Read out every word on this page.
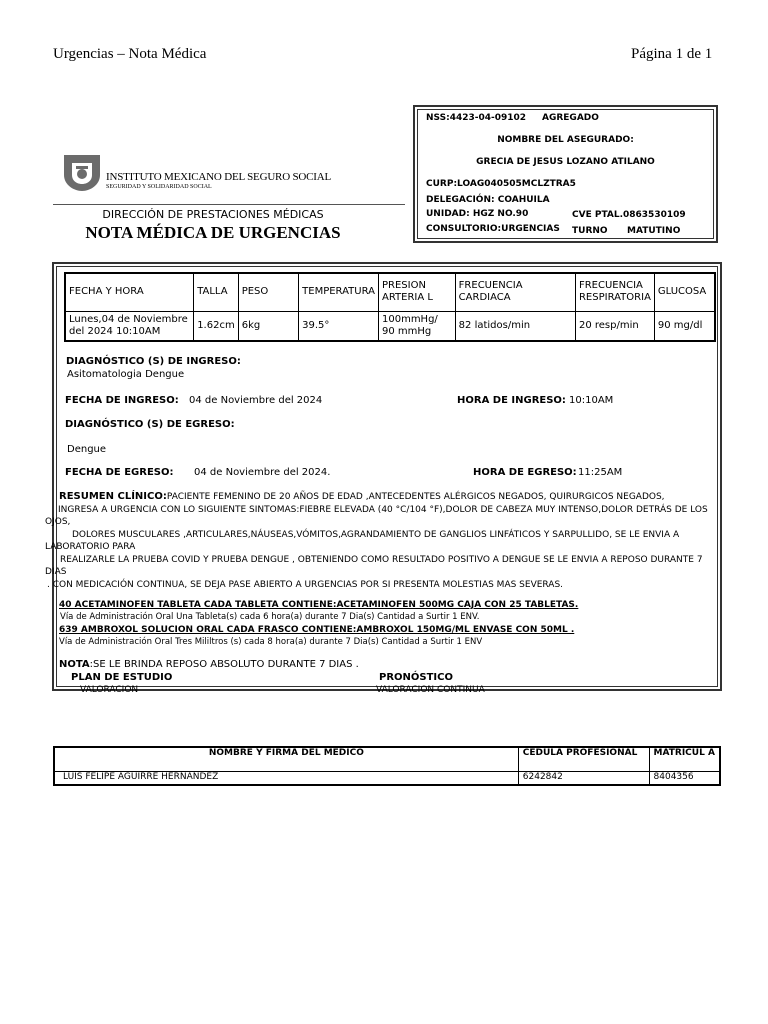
Urgencias – Nota Médica	Página 1 de 1
INSTITUTO MEXICANO DEL SEGURO SOCIAL
SEGURIDAD Y SOLIDARIDAD SOCIAL
DIRECCIÓN DE PRESTACIONES MÉDICAS
NOTA MÉDICA DE URGENCIAS
NSS:4423-04-09102 AGREGADO
NOMBRE DEL ASEGURADO:
GRECIA DE JESUS LOZANO ATILANO
CURP:LOAG040505MCLZTRA5
DELEGACIÓN: COAHUILA
UNIDAD: HGZ NO.90	CVE PTAL.0863530109
CONSULTORIO:URGENCIAS TURNO MATUTINO
FECHA Y HORA	TALLA	PESO	TEMPERATURA	PRESION ARTERIA L	FRECUENCIA CARDIACA	FRECUENCIA RESPIRATORIA	GLUCOSA
Lunes,04 de Noviembre del 2024 10:10AM	1.62cm	6kg	39.5°	100mmHg/ 90 mmHg	82 latidos/min	20 resp/min	90 mg/dl
DIAGNÓSTICO (S) DE INGRESO:
Asitomatologia Dengue
FECHA DE INGRESO: 04 de Noviembre del 2024	HORA DE INGRESO: 10:10AM
DIAGNÓSTICO (S) DE EGRESO:
Dengue
FECHA DE EGRESO: 04 de Noviembre del 2024.	HORA DE EGRESO: 11:25AM

RESUMEN CLÍNICO:PACIENTE FEMENINO DE 20 AÑOS DE EDAD ,ANTECEDENTES ALÉRGICOS NEGADOS, QUIRURGICOS NEGADOS,

INGRESA A URGENCIA CON LO SIGUIENTE SINTOMAS:FIEBRE ELEVADA (40 °C/104 °F),DOLOR DE CABEZA MUY INTENSO,DOLOR DETRÁS DE LOS OJOS,

DOLORES MUSCULARES ,ARTICULARES,NÁUSEAS,VÓMITOS,AGRANDAMIENTO DE GANGLIOS LINFÁTICOS Y SARPULLIDO, SE LE ENVIA A LABORATORIO PARA

REALIZARLE LA PRUEBA COVID Y PRUEBA DENGUE , OBTENIENDO COMO RESULTADO POSITIVO A DENGUE SE LE ENVIA A REPOSO DURANTE 7 DIAS

. CON MEDICACIÓN CONTINUA, SE DEJA PASE ABIERTO A URGENCIAS POR SI PRESENTA MOLESTIAS MAS SEVERAS.

40 ACETAMINOFEN TABLETA CADA TABLETA CONTIENE:ACETAMINOFEN 500MG CAJA CON 25 TABLETAS.
Vía de Administración Oral Una Tableta(s) cada 6 hora(a) durante 7 Dia(s) Cantidad a Surtir 1 ENV.
639 AMBROXOL SOLUCION ORAL CADA FRASCO CONTIENE:AMBROXOL 150MG/ML ENVASE CON 50ML .
Vía de Administración Oral Tres Mililtros (s) cada 8 hora(a) durante 7 Dia(s) Cantidad a Surtir 1 ENV
NOTA:SE LE BRINDA REPOSO ABSOLUTO DURANTE 7 DIAS .
PLAN DE ESTUDIO
VALORACION
PRONÓSTICO
VALORACION CONTINUA
NOMBRE Y FIRMA DEL MÉDICO	CEDULA PROFESIONAL	MATRICUL A
LUIS FELIPE AGUIRRE HERNANDEZ	6242842	8404356
